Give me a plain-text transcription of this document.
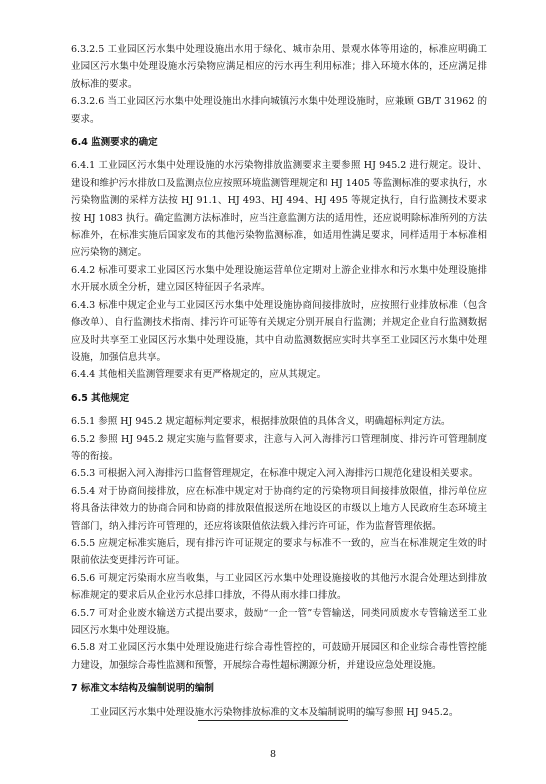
6.3.2.5 工业园区污水集中处理设施出水用于绿化、城市杂用、景观水体等用途的，标准应明确工业园区污水集中处理设施水污染物应满足相应的污水再生利用标准；排入环境水体的，还应满足排放标准的要求。

6.3.2.6 当工业园区污水集中处理设施出水排向城镇污水集中处理设施时，应兼顾 GB/T 31962 的要求。

6.4 监测要求的确定

6.4.1 工业园区污水集中处理设施的水污染物排放监测要求主要参照 HJ 945.2 进行规定。设计、建设和维护污水排放口及监测点位应按照环境监测管理规定和 HJ 1405 等监测标准的要求执行，水污染物监测的采样方法按 HJ 91.1、HJ 493、HJ 494、HJ 495 等规定执行，自行监测技术要求按 HJ 1083 执行。确定监测方法标准时，应当注意监测方法的适用性，还应说明除标准所列的方法标准外，在标准实施后国家发布的其他污染物监测标准，如适用性满足要求，同样适用于本标准相应污染物的测定。

6.4.2 标准可要求工业园区污水集中处理设施运营单位定期对上游企业排水和污水集中处理设施排水开展水质全分析，建立园区特征因子名录库。

6.4.3 标准中规定企业与工业园区污水集中处理设施协商间接排放时，应按照行业排放标准（包含修改单）、自行监测技术指南、排污许可证等有关规定分别开展自行监测；并规定企业自行监测数据应及时共享至工业园区污水集中处理设施，其中自动监测数据应实时共享至工业园区污水集中处理设施，加强信息共享。

6.4.4 其他相关监测管理要求有更严格规定的，应从其规定。

6.5 其他规定

6.5.1 参照 HJ 945.2 规定超标判定要求，根据排放限值的具体含义，明确超标判定方法。

6.5.2 参照 HJ 945.2 规定实施与监督要求，注意与入河入海排污口管理制度、排污许可管理制度等的衔接。

6.5.3 可根据入河入海排污口监督管理规定，在标准中规定入河入海排污口规范化建设相关要求。

6.5.4 对于协商间接排放，应在标准中规定对于协商约定的污染物项目间接排放限值，排污单位应将具备法律效力的协商合同和协商的排放限值报送所在地设区的市级以上地方人民政府生态环境主管部门，纳入排污许可管理的，还应将该限值依法载入排污许可证，作为监督管理依据。

6.5.5 应规定标准实施后，现有排污许可证规定的要求与标准不一致的，应当在标准规定生效的时限前依法变更排污许可证。

6.5.6 可规定污染雨水应当收集，与工业园区污水集中处理设施接收的其他污水混合处理达到排放标准规定的要求后从企业污水总排口排放，不得从雨水排口排放。

6.5.7 可对企业废水输送方式提出要求，鼓励“一企一管”专管输送，同类同质废水专管输送至工业园区污水集中处理设施。

6.5.8 对工业园区污水集中处理设施进行综合毒性管控的，可鼓励开展园区和企业综合毒性管控能力建设，加强综合毒性监测和预警，开展综合毒性超标溯源分析，并建设应急处理设施。

7 标准文本结构及编制说明的编制

工业园区污水集中处理设施水污染物排放标准的文本及编制说明的编写参照 HJ 945.2。

8
